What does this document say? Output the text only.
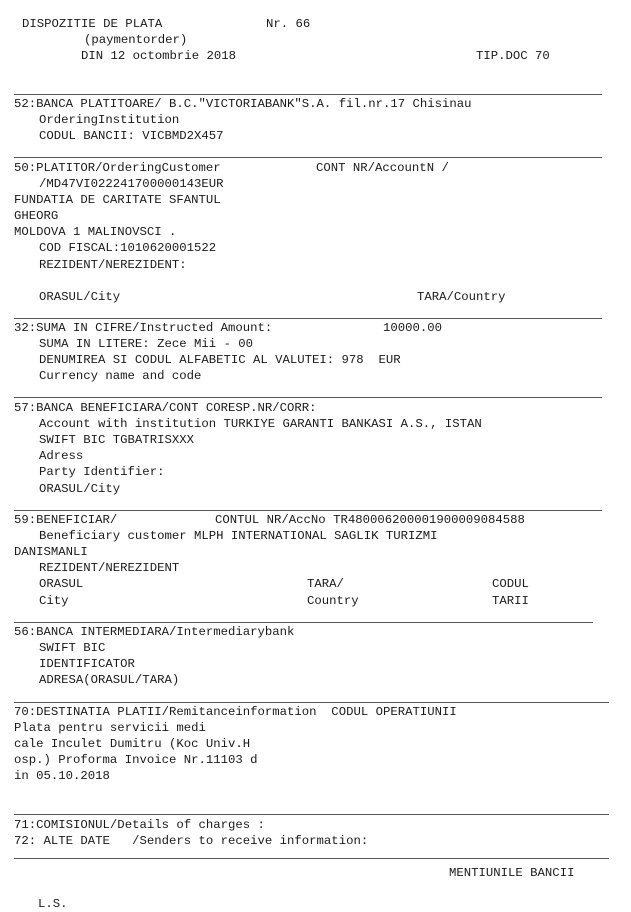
DISPOZITIE DE PLATA	Nr. 66
(paymentorder)
DIN 12 octombrie 2018	TIP.DOC 70
52:BANCA PLATITOARE/ B.C."VICTORIABANK"S.A. fil.nr.17 Chisinau
OrderingInstitution
CODUL BANCII: VICBMD2X457
50:PLATITOR/OrderingCustomer	CONT NR/AccountN /
/MD47VI022241700000143EUR
FUNDATIA DE CARITATE SFANTUL
GHEORG
MOLDOVA 1 MALINOVSCI .
COD FISCAL:1010620001522
REZIDENT/NEREZIDENT:
ORASUL/City	TARA/Country
32:SUMA IN CIFRE/Instructed Amount:	10000.00
SUMA IN LITERE: Zece Mii - 00
DENUMIREA SI CODUL ALFABETIC AL VALUTEI: 978  EUR
Currency name and code
57:BANCA BENEFICIARA/CONT CORESP.NR/CORR:
Account with institution TURKIYE GARANTI BANKASI A.S., ISTAN
SWIFT BIC TGBATRISXXX
Adress
Party Identifier:
ORASUL/City
59:BENEFICIAR/	CONTUL NR/AccNo TR480006200001900009084588
Beneficiary customer MLPH INTERNATIONAL SAGLIK TURIZMI
DANISMANLI
REZIDENT/NEREZIDENT
ORASUL	TARA/	CODUL
City	Country	TARII
56:BANCA INTERMEDIARA/Intermediarybank
SWIFT BIC
IDENTIFICATOR
ADRESA(ORASUL/TARA)
70:DESTINATIA PLATII/Remitanceinformation  CODUL OPERATIUNII
Plata pentru servicii medi
cale Inculet Dumitru (Koc Univ.H
osp.) Proforma Invoice Nr.11103 d
in 05.10.2018
71:COMISIONUL/Details of charges :
72: ALTE DATE   /Senders to receive information:
MENTIUNILE BANCII
L.S.
